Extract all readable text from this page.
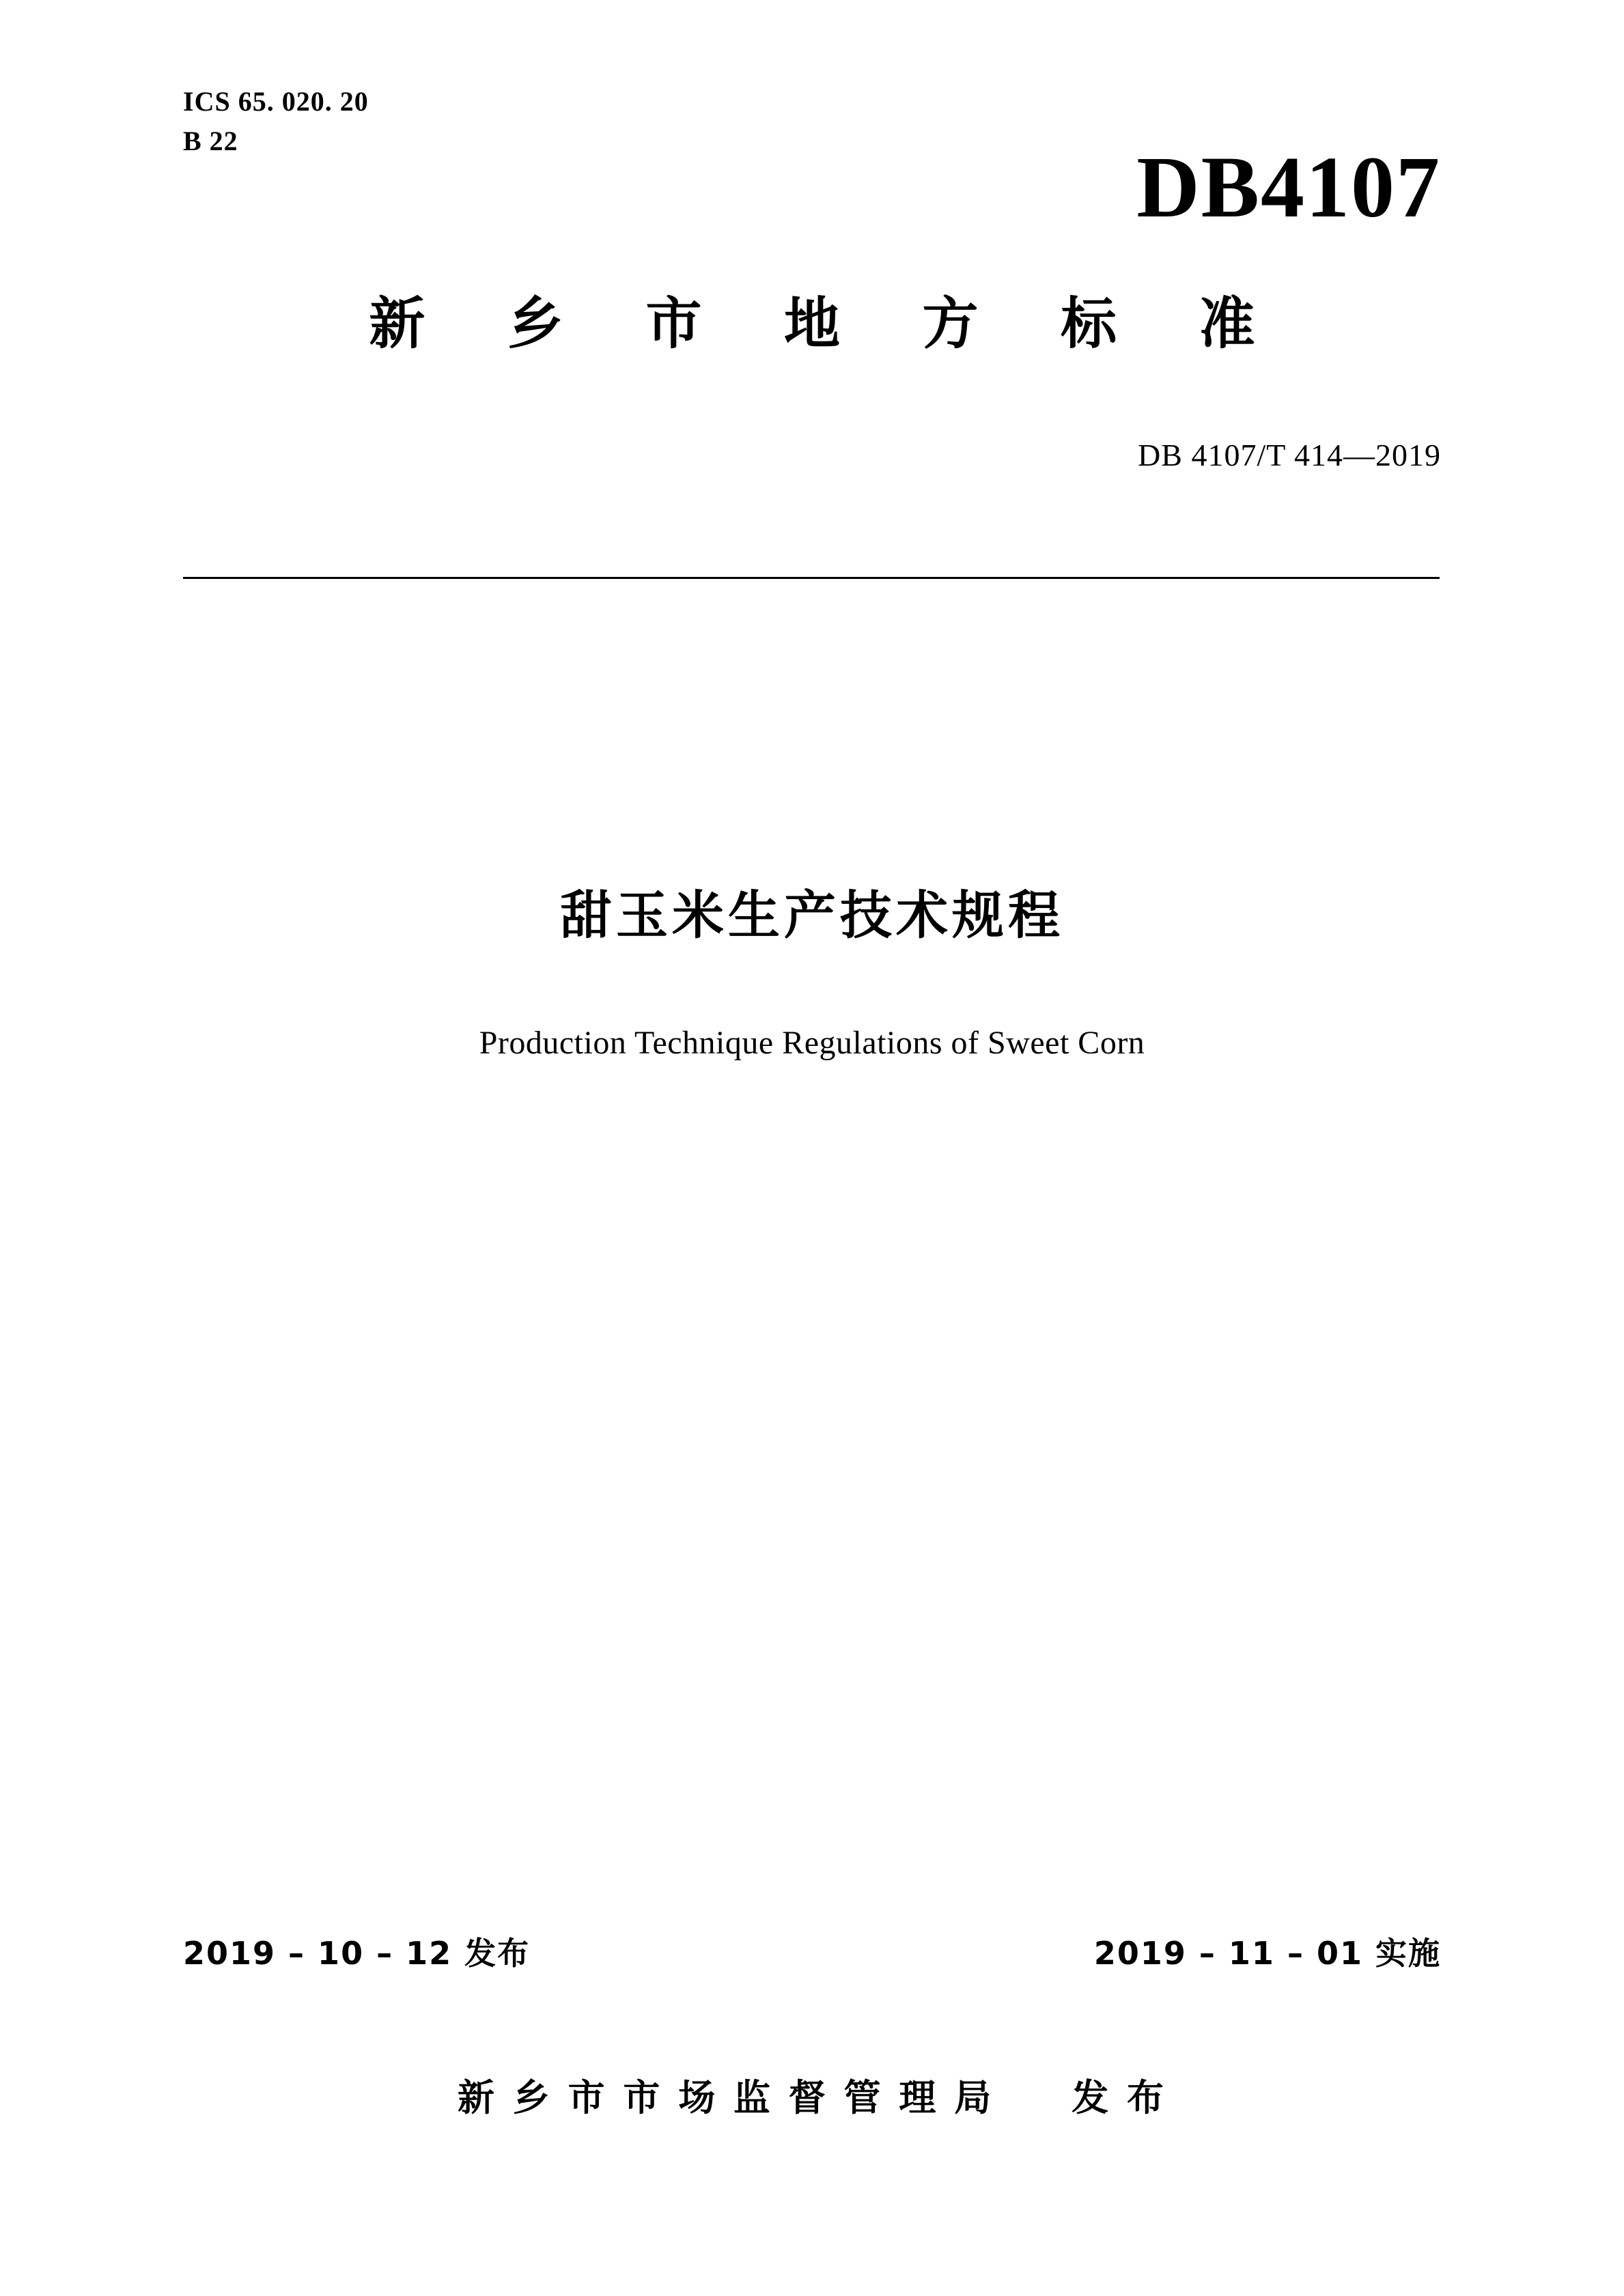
ICS 65. 020. 20
B 22	DB4107
新 乡 市 地 方 标 准
DB 4107/T 414—2019
甜玉米生产技术规程
Production Technique Regulations of Sweet Corn
2019 – 10 – 12 发布	2019 – 11 – 01 实施
新 乡 市 市 场 监 督 管 理 局     发 布
